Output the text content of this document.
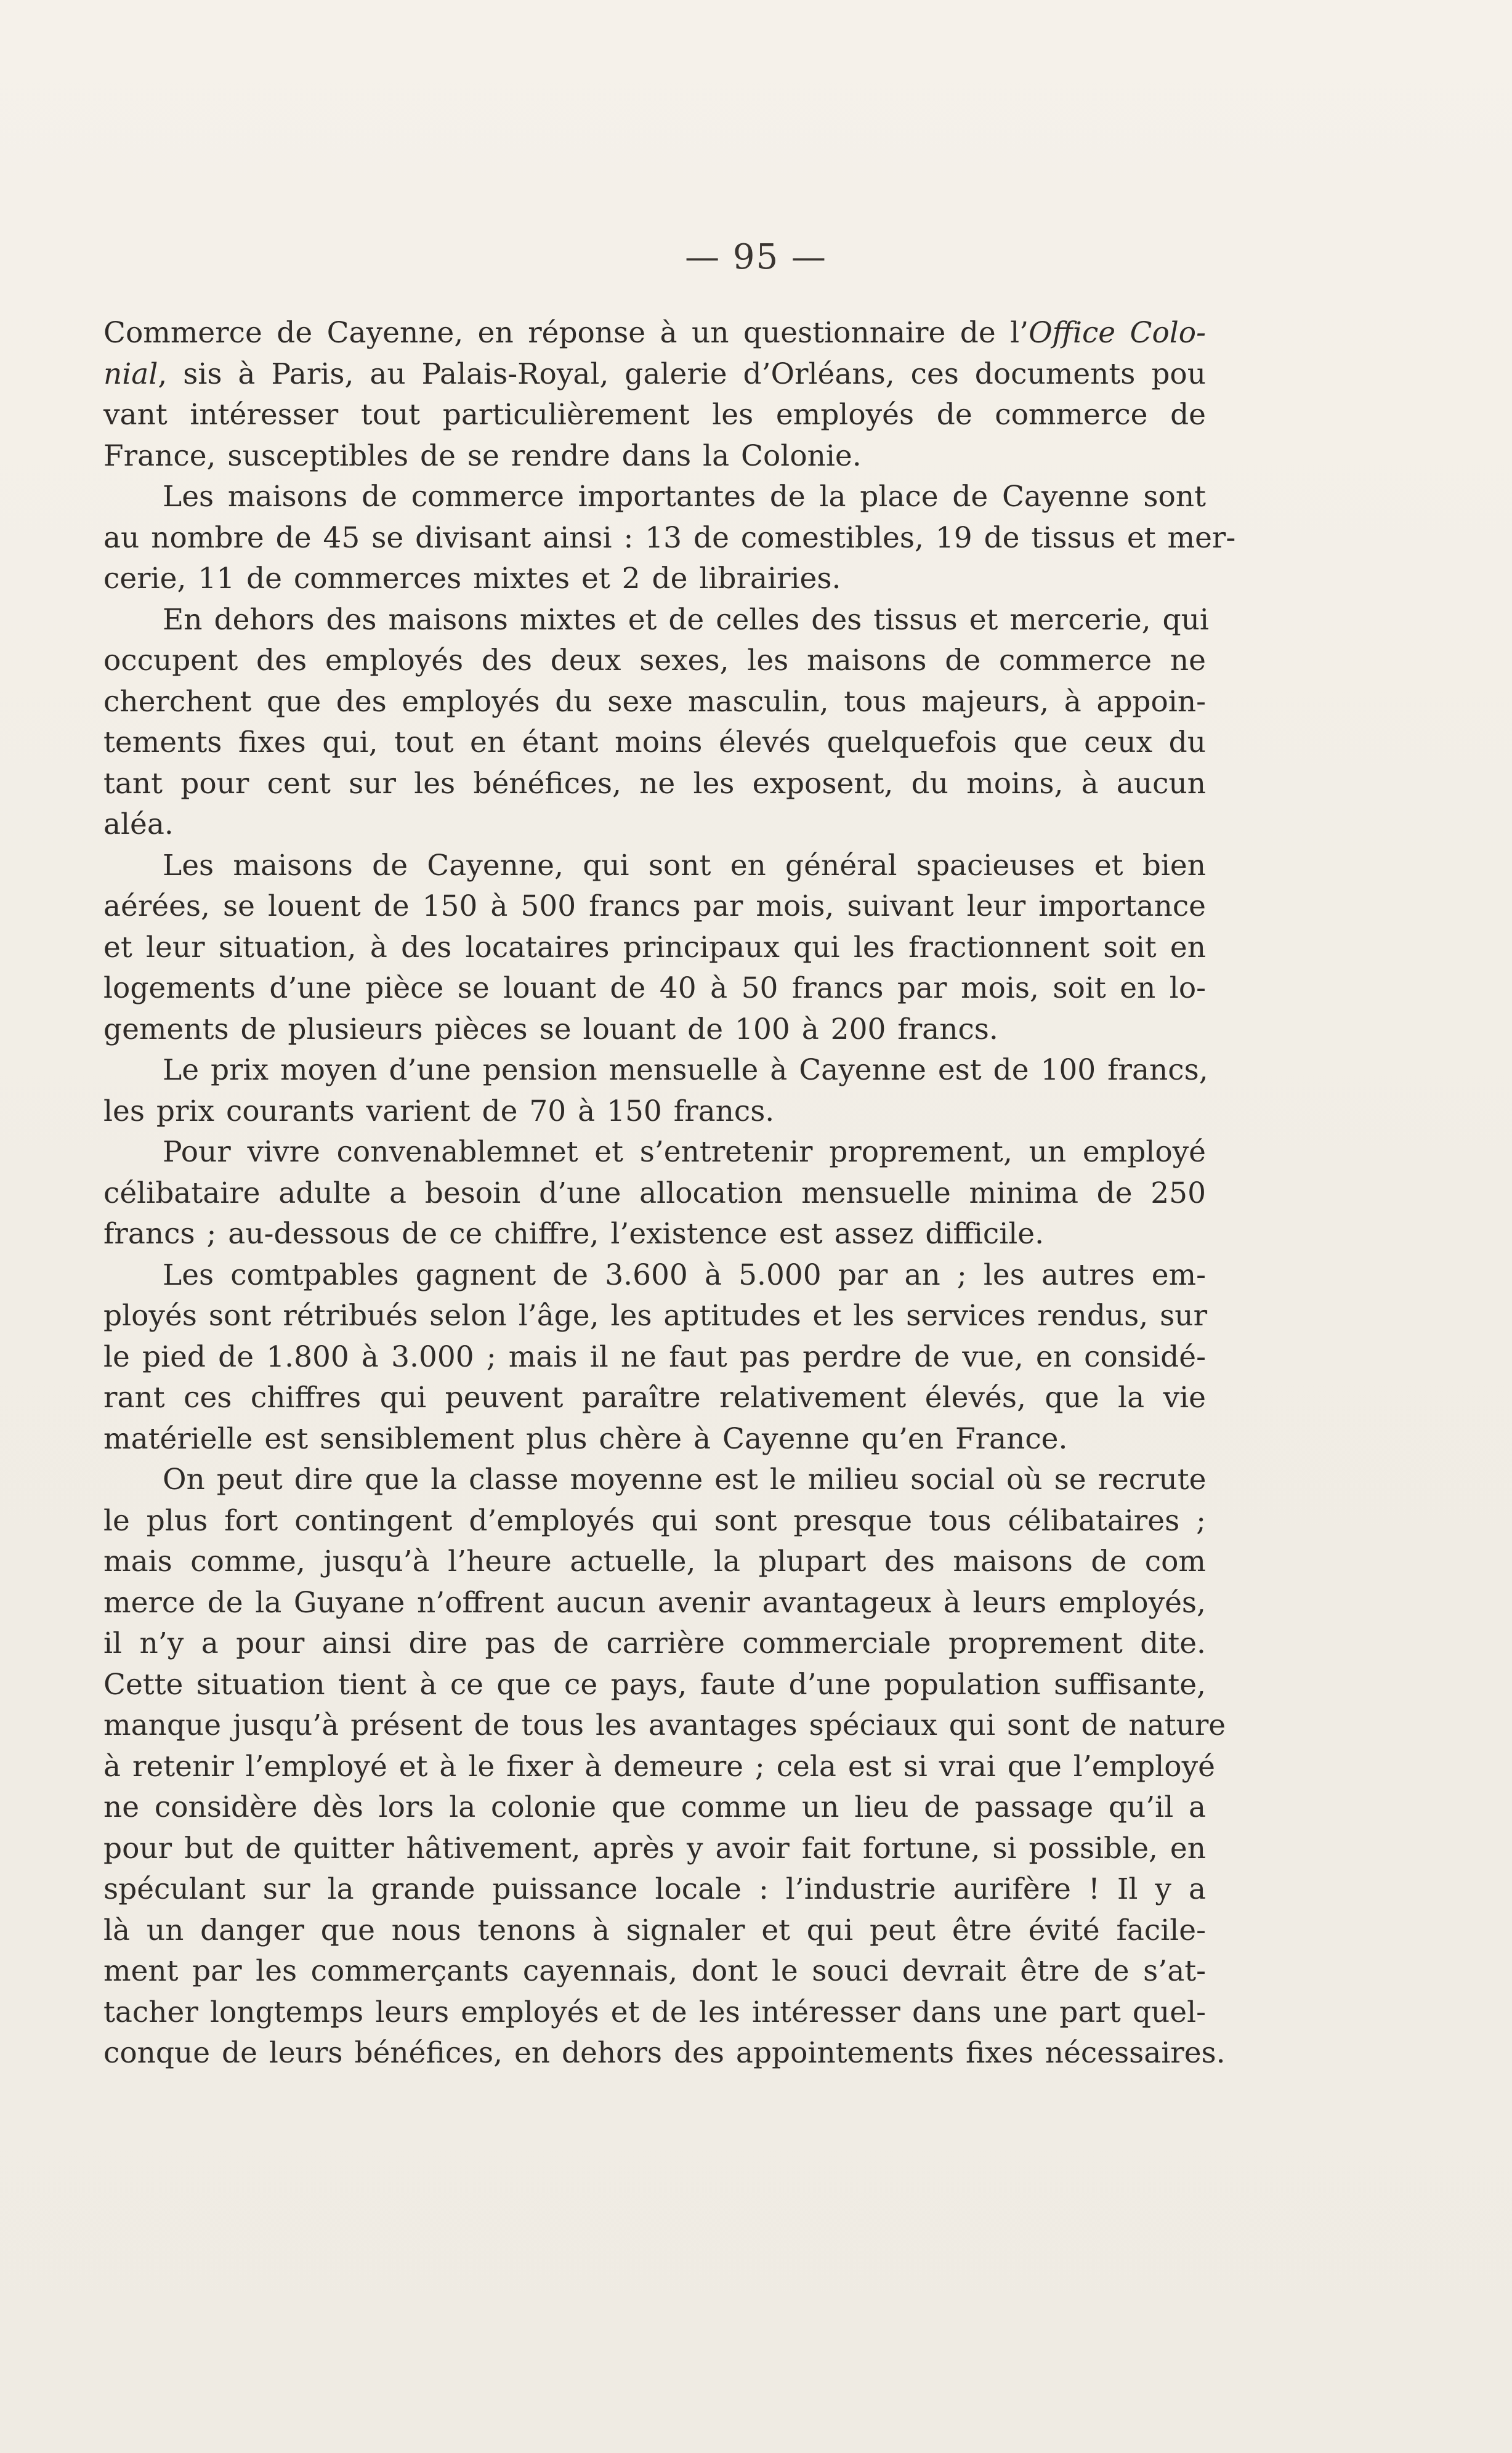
— 95 —
Commerce de Cayenne, en réponse à un questionnaire de l’Office Colo-
nial, sis à Paris, au Palais-Royal, galerie d’Orléans, ces documents pou
vant intéresser tout particulièrement les employés de commerce de
France, susceptibles de se rendre dans la Colonie.
Les maisons de commerce importantes de la place de Cayenne sont
au nombre de 45 se divisant ainsi : 13 de comestibles, 19 de tissus et mer-
cerie, 11 de commerces mixtes et 2 de librairies.
En dehors des maisons mixtes et de celles des tissus et mercerie, qui
occupent des employés des deux sexes, les maisons de commerce ne
cherchent que des employés du sexe masculin, tous majeurs, à appoin-
tements fixes qui, tout en étant moins élevés quelquefois que ceux du
tant pour cent sur les bénéfices, ne les exposent, du moins, à aucun
aléa.
Les maisons de Cayenne, qui sont en général spacieuses et bien
aérées, se louent de 150 à 500 francs par mois, suivant leur importance
et leur situation, à des locataires principaux qui les fractionnent soit en
logements d’une pièce se louant de 40 à 50 francs par mois, soit en lo-
gements de plusieurs pièces se louant de 100 à 200 francs.
Le prix moyen d’une pension mensuelle à Cayenne est de 100 francs,
les prix courants varient de 70 à 150 francs.
Pour vivre convenablemnet et s’entretenir proprement, un employé
célibataire adulte a besoin d’une allocation mensuelle minima de 250
francs ; au-dessous de ce chiffre, l’existence est assez difficile.
Les comtpables gagnent de 3.600 à 5.000 par an ; les autres em-
ployés sont rétribués selon l’âge, les aptitudes et les services rendus, sur
le pied de 1.800 à 3.000 ; mais il ne faut pas perdre de vue, en considé-
rant ces chiffres qui peuvent paraître relativement élevés, que la vie
matérielle est sensiblement plus chère à Cayenne qu’en France.
On peut dire que la classe moyenne est le milieu social où se recrute
le plus fort contingent d’employés qui sont presque tous célibataires ;
mais comme, jusqu’à l’heure actuelle, la plupart des maisons de com
merce de la Guyane n’offrent aucun avenir avantageux à leurs employés,
il n’y a pour ainsi dire pas de carrière commerciale proprement dite.
Cette situation tient à ce que ce pays, faute d’une population suffisante,
manque jusqu’à présent de tous les avantages spéciaux qui sont de nature
à retenir l’employé et à le fixer à demeure ; cela est si vrai que l’employé
ne considère dès lors la colonie que comme un lieu de passage qu’il a
pour but de quitter hâtivement, après y avoir fait fortune, si possible, en
spéculant sur la grande puissance locale : l’industrie aurifère ! Il y a
là un danger que nous tenons à signaler et qui peut être évité facile-
ment par les commerçants cayennais, dont le souci devrait être de s’at-
tacher longtemps leurs employés et de les intéresser dans une part quel-
conque de leurs bénéfices, en dehors des appointements fixes nécessaires.
